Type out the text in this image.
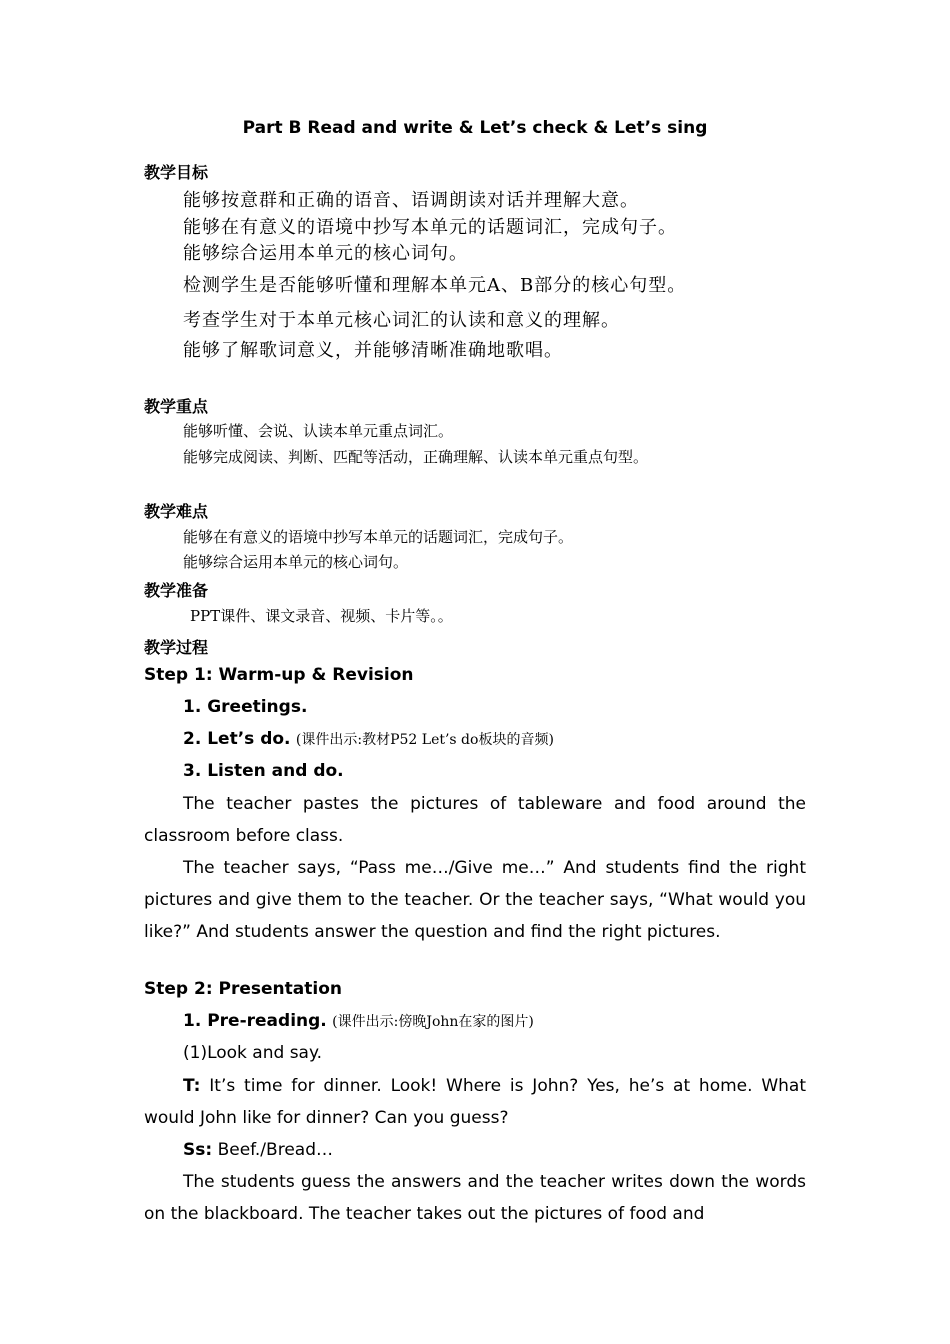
Part B Read and write & Let’s check & Let’s sing
教学目标
能够按意群和正确的语音、语调朗读对话并理解大意。
能够在有意义的语境中抄写本单元的话题词汇，完成句子。
能够综合运用本单元的核心词句。
检测学生是否能够听懂和理解本单元A、B部分的核心句型。
考查学生对于本单元核心词汇的认读和意义的理解。
能够了解歌词意义，并能够清晰准确地歌唱。
教学重点
能够听懂、会说、认读本单元重点词汇。
能够完成阅读、判断、匹配等活动，正确理解、认读本单元重点句型。
教学难点
能够在有意义的语境中抄写本单元的话题词汇，完成句子。
能够综合运用本单元的核心词句。
教学准备
PPT课件、课文录音、视频、卡片等。。
教学过程
Step 1: Warm-up & Revision
1. Greetings.
2. Let’s do. (课件出示:教材P52 Let’s do板块的音频)
3. Listen and do.
The teacher pastes the pictures of tableware and food around the classroom before class.
The teacher says, “Pass me…/Give me…” And students find the right pictures and give them to the teacher. Or the teacher says, “What would you like?” And students answer the question and find the right pictures.
Step 2: Presentation
1. Pre-reading. (课件出示:傍晚John在家的图片)
(1)Look and say.
T: It’s time for dinner. Look! Where is John? Yes, he’s at home. What would John like for dinner? Can you guess?
Ss: Beef./Bread…
The students guess the answers and the teacher writes down the words on the blackboard. The teacher takes out the pictures of food and
